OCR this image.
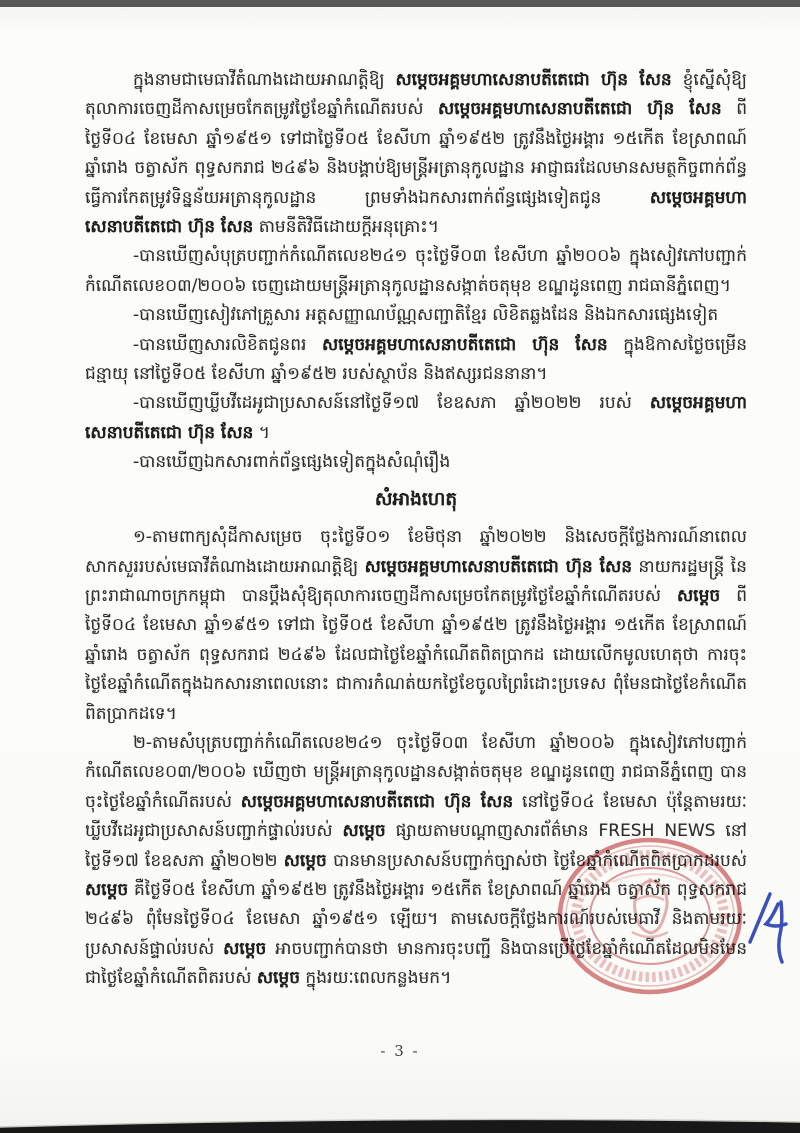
ក្នុងនាមជាមេធាវីតំណាងដោយអាណត្តិឱ្យ សម្តេចអគ្គមហាសេនាបតីតេជោ ហ៊ុន សែន ខ្ញុំស្នើសុំឱ្យតុលាការចេញដីកាសម្រេចកែតម្រូវថ្ងៃខែឆ្នាំកំណើតរបស់ សម្តេចអគ្គមហាសេនាបតីតេជោ ហ៊ុន សែន ពីថ្ងៃទី០៤ ខែមេសា ឆ្នាំ១៩៥១ ទៅជាថ្ងៃទី០៥ ខែសីហា ឆ្នាំ១៩៥២ ត្រូវនឹងថ្ងៃអង្គារ ១៥កើត ខែស្រាពណ៍ ឆ្នាំរោង ចត្វាស័ក ពុទ្ធសករាជ ២៤៩៦ និងបង្គាប់ឱ្យមន្ត្រីអត្រានុកូលដ្ឋាន អាជ្ញាធរដែលមានសមត្ថកិច្ចពាក់ព័ន្ធធ្វើការកែតម្រូវទិន្នន័យអត្រានុកូលដ្ឋាន ព្រមទាំងឯកសារពាក់ព័ន្ធផ្សេងទៀតជូន សម្តេចអគ្គមហាសេនាបតីតេជោ ហ៊ុន សែន តាមនីតិវិធីដោយក្តីអនុគ្រោះ។
-បានឃើញសំបុត្របញ្ជាក់កំណើតលេខ២៤១ ចុះថ្ងៃទី០៣ ខែសីហា ឆ្នាំ២០០៦ ក្នុងសៀវភៅបញ្ជាក់កំណើតលេខ០៣/២០០៦ ចេញដោយមន្ត្រីអត្រានុកូលដ្ឋានសង្កាត់ចតុមុខ ខណ្ឌដូនពេញ រាជធានីភ្នំពេញ។
-បានឃើញសៀវភៅគ្រួសារ អត្តសញ្ញាណប័ណ្ណសញ្ជាតិខ្មែរ លិខិតឆ្លងដែន និងឯកសារផ្សេងទៀត
-បានឃើញសារលិខិតជូនពរ សម្តេចអគ្គមហាសេនាបតីតេជោ ហ៊ុន សែន ក្នុងឱកាសថ្ងៃចម្រើនជន្មាយុ នៅថ្ងៃទី០៥ ខែសីហា ឆ្នាំ១៩៥២ របស់ស្ថាប័ន និងឥស្សរជននានា។
-បានឃើញឃ្លីបវីដេអូជាប្រសាសន៍នៅថ្ងៃទី១៧ ខែឧសភា ឆ្នាំ២០២២ របស់ សម្តេចអគ្គមហាសេនាបតីតេជោ ហ៊ុន សែន ។
-បានឃើញឯកសារពាក់ព័ន្ធផ្សេងទៀតក្នុងសំណុំរឿង
សំអាងហេតុ
១-តាមពាក្យសុំដីកាសម្រេច ចុះថ្ងៃទី០១ ខែមិថុនា ឆ្នាំ២០២២ និងសេចក្តីថ្លែងការណ៍នាពេលសាកសួររបស់មេធាវីតំណាងដោយអាណត្តិឱ្យ សម្តេចអគ្គមហាសេនាបតីតេជោ ហ៊ុន សែន នាយករដ្ឋមន្ត្រី នៃព្រះរាជាណាចក្រកម្ពុជា បានប្តឹងសុំឱ្យតុលាការចេញដីកាសម្រេចកែតម្រូវថ្ងៃខែឆ្នាំកំណើតរបស់ សម្តេច ពីថ្ងៃទី០៤ ខែមេសា ឆ្នាំ១៩៥១ ទៅជា ថ្ងៃទី០៥ ខែសីហា ឆ្នាំ១៩៥២ ត្រូវនឹងថ្ងៃអង្គារ ១៥កើត ខែស្រាពណ៍ ឆ្នាំរោង ចត្វាស័ក ពុទ្ធសករាជ ២៤៩៦ ដែលជាថ្ងៃខែឆ្នាំកំណើតពិតប្រាកដ ដោយលើកមូលហេតុថា ការចុះថ្ងៃខែឆ្នាំកំណើតក្នុងឯកសារនាពេលនោះ ជាការកំណត់យកថ្ងៃខែចូលព្រៃរំដោះប្រទេស ពុំមែនជាថ្ងៃខែកំណើតពិតប្រាកដទេ។
២-តាមសំបុត្របញ្ជាក់កំណើតលេខ២៤១ ចុះថ្ងៃទី០៣ ខែសីហា ឆ្នាំ២០០៦ ក្នុងសៀវភៅបញ្ជាក់កំណើតលេខ០៣/២០០៦ ឃើញថា មន្ត្រីអត្រានុកូលដ្ឋានសង្កាត់ចតុមុខ ខណ្ឌដូនពេញ រាជធានីភ្នំពេញ បានចុះថ្ងៃខែឆ្នាំកំណើតរបស់ សម្តេចអគ្គមហាសេនាបតីតេជោ ហ៊ុន សែន នៅថ្ងៃទី០៤ ខែមេសា ប៉ុន្តែតាមរយៈឃ្លីបវីដេអូជាប្រសាសន៍បញ្ជាក់ផ្ទាល់របស់ សម្តេច ផ្សាយតាមបណ្តាញសារព័ត៌មាន FRESH NEWS នៅថ្ងៃទី១៧ ខែឧសភា ឆ្នាំ២០២២ សម្តេច បានមានប្រសាសន៍បញ្ជាក់ច្បាស់ថា ថ្ងៃខែឆ្នាំកំណើតពិតប្រាកដរបស់ សម្តេច គឺថ្ងៃទី០៥ ខែសីហា ឆ្នាំ១៩៥២ ត្រូវនឹងថ្ងៃអង្គារ ១៥កើត ខែស្រាពណ៍ ឆ្នាំរោង ចត្វាស័ក ពុទ្ធសករាជ ២៤៩៦ ពុំមែនថ្ងៃទី០៤ ខែមេសា ឆ្នាំ១៩៥១ ឡើយ។ តាមសេចក្តីថ្លែងការណ៍របស់មេធាវី និងតាមរយៈប្រសាសន៍ផ្ទាល់របស់ សម្តេច អាចបញ្ជាក់បានថា មានការចុះបញ្ជី និងបានប្រើថ្ងៃខែឆ្នាំកំណើតដែលមិនមែនជាថ្ងៃខែឆ្នាំកំណើតពិតរបស់ សម្តេច ក្នុងរយៈពេលកន្លងមក។
- 3 -
